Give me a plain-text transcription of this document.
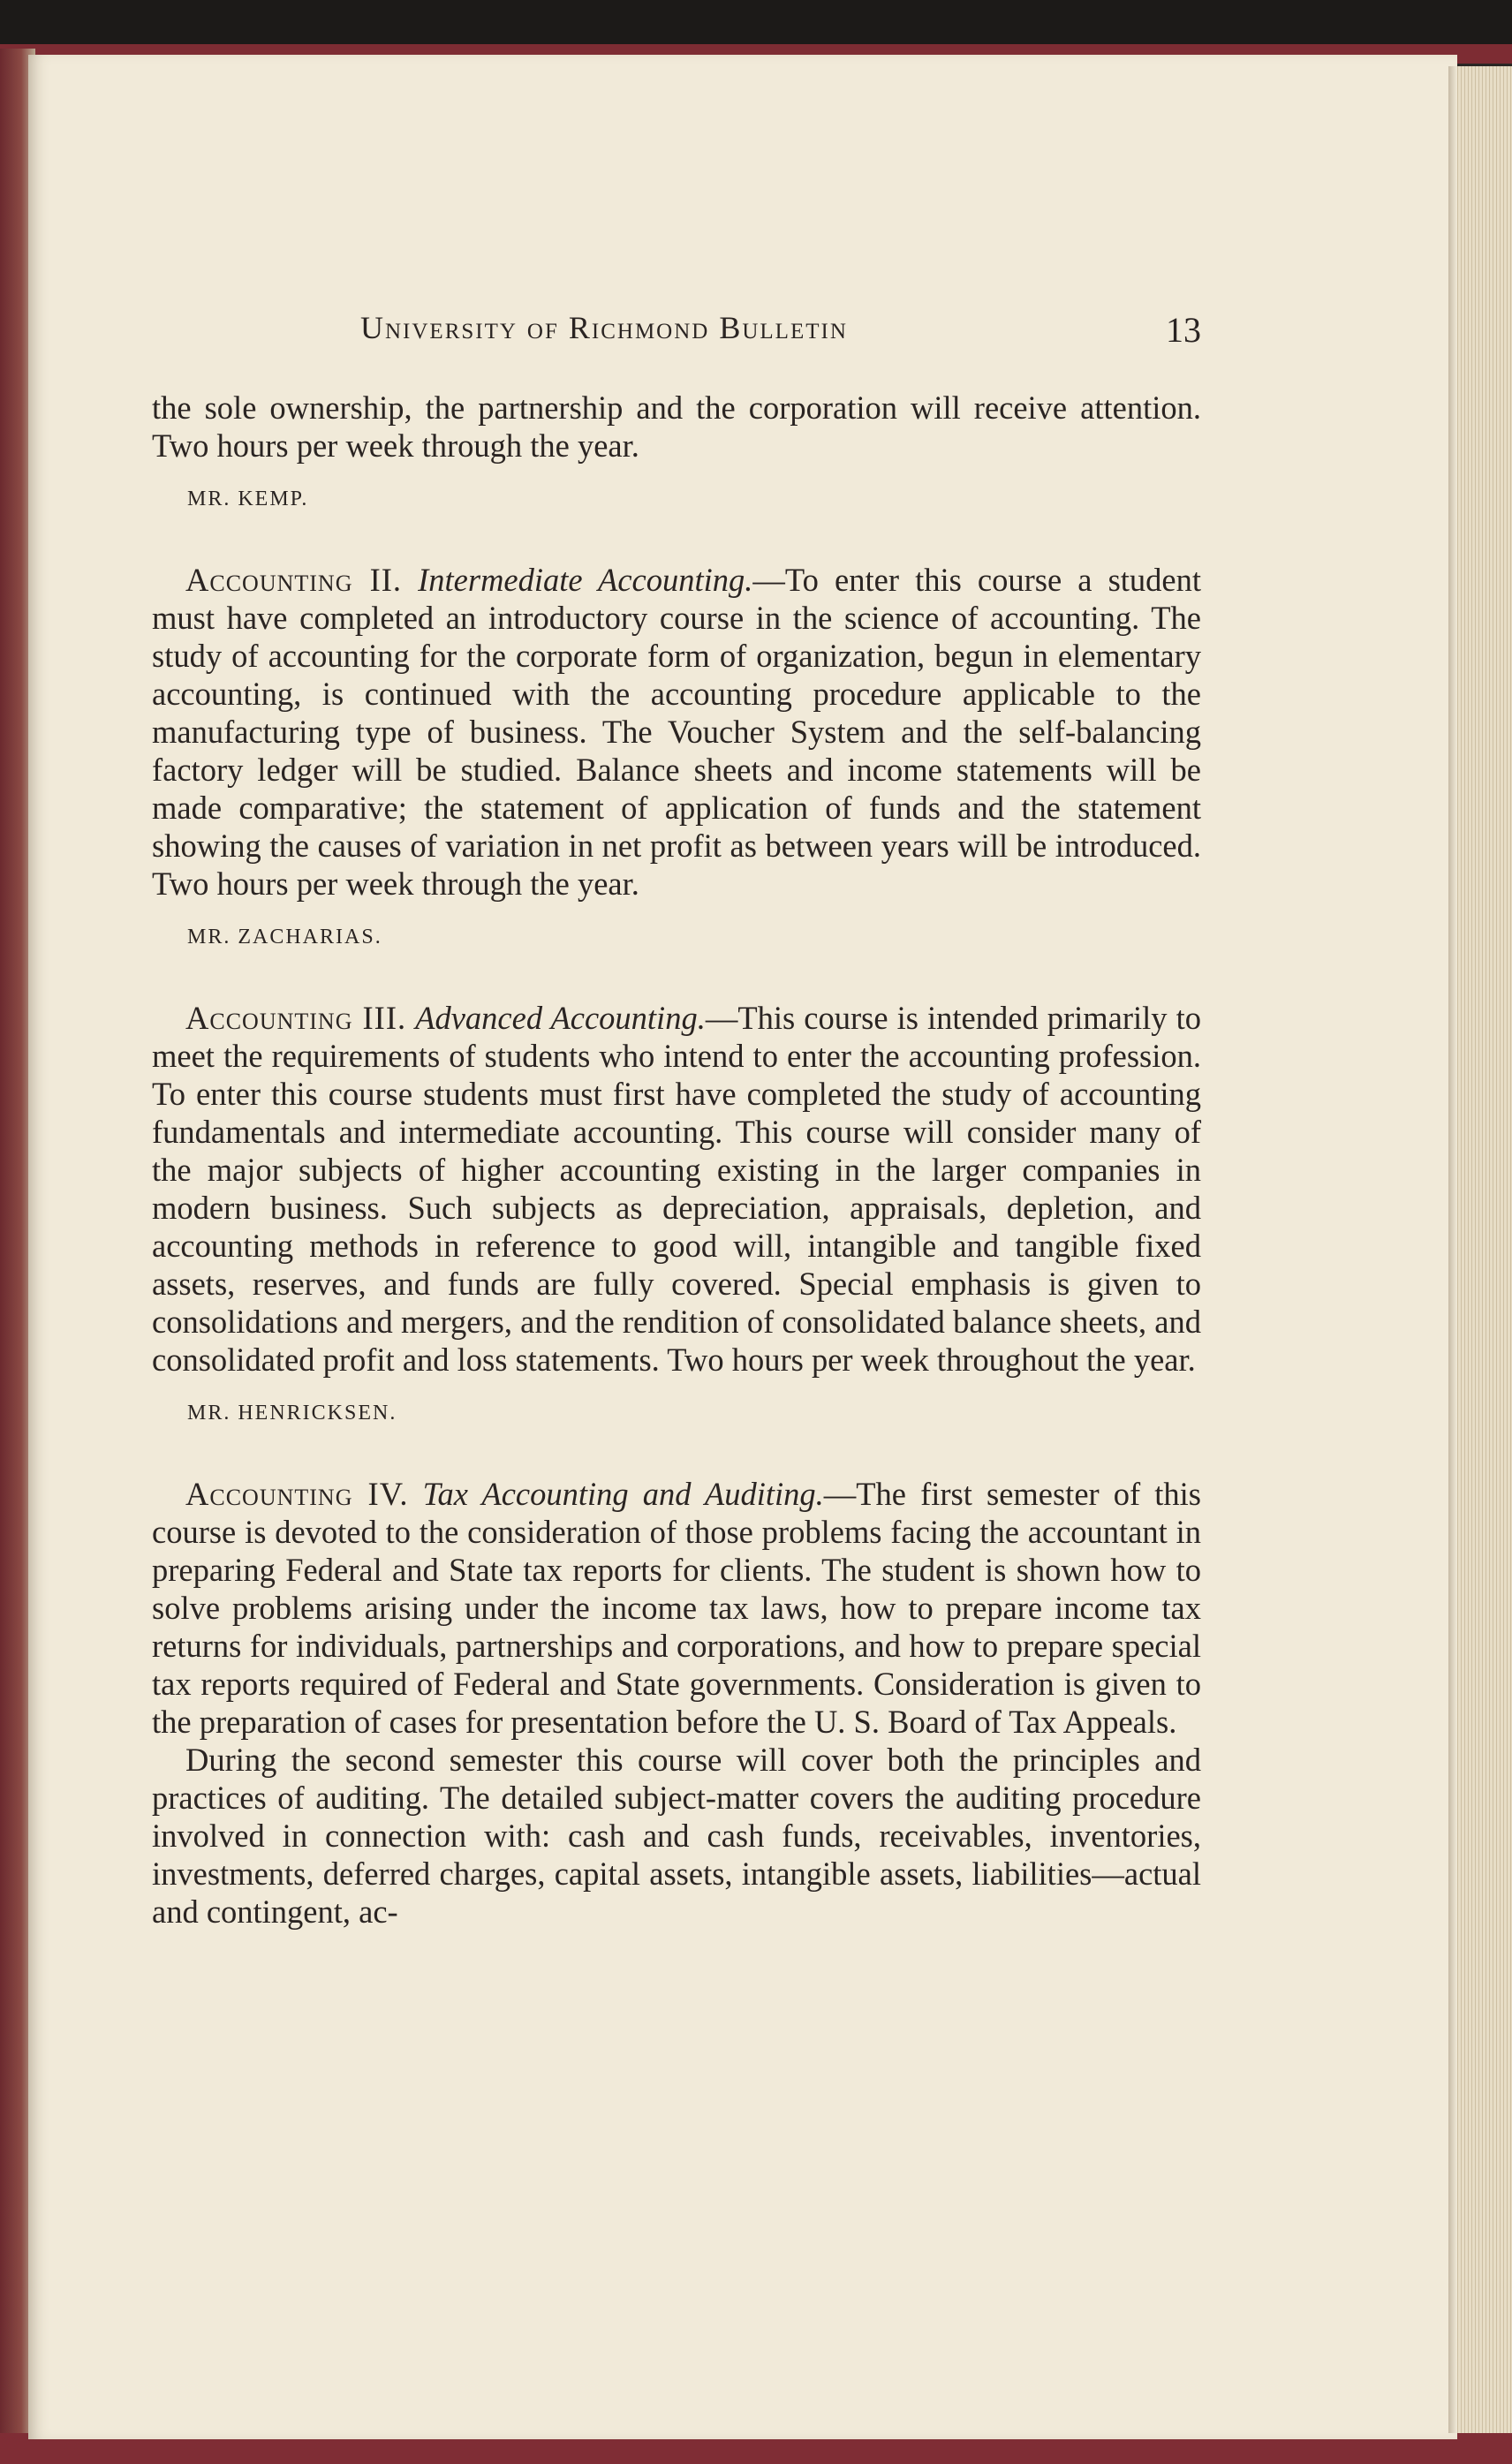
University of Richmond Bulletin	13

the sole ownership, the partnership and the corporation will receive attention. Two hours per week through the year.

MR. KEMP.

Accounting II. Intermediate Accounting.—To enter this course a student must have completed an introductory course in the science of accounting. The study of accounting for the corporate form of organization, begun in elementary accounting, is continued with the accounting procedure applicable to the manufacturing type of business. The Voucher System and the self-balancing factory ledger will be studied. Balance sheets and income statements will be made comparative; the statement of application of funds and the statement showing the causes of variation in net profit as between years will be introduced. Two hours per week through the year.

MR. ZACHARIAS.

Accounting III. Advanced Accounting.—This course is intended primarily to meet the requirements of students who intend to enter the accounting profession. To enter this course students must first have completed the study of accounting fundamentals and intermediate accounting. This course will consider many of the major subjects of higher accounting existing in the larger companies in modern business. Such subjects as depreciation, appraisals, depletion, and accounting methods in reference to good will, intangible and tangible fixed assets, reserves, and funds are fully covered. Special emphasis is given to consolidations and mergers, and the rendition of consolidated balance sheets, and consolidated profit and loss statements. Two hours per week throughout the year.

MR. HENRICKSEN.

Accounting IV. Tax Accounting and Auditing.—The first semester of this course is devoted to the consideration of those problems facing the accountant in preparing Federal and State tax reports for clients. The student is shown how to solve problems arising under the income tax laws, how to prepare income tax returns for individuals, partnerships and corporations, and how to prepare special tax reports required of Federal and State governments. Consideration is given to the preparation of cases for presentation before the U. S. Board of Tax Appeals.

During the second semester this course will cover both the principles and practices of auditing. The detailed subject-matter covers the auditing procedure involved in connection with: cash and cash funds, receivables, inventories, investments, deferred charges, capital assets, intangible assets, liabilities—actual and contingent, ac-
